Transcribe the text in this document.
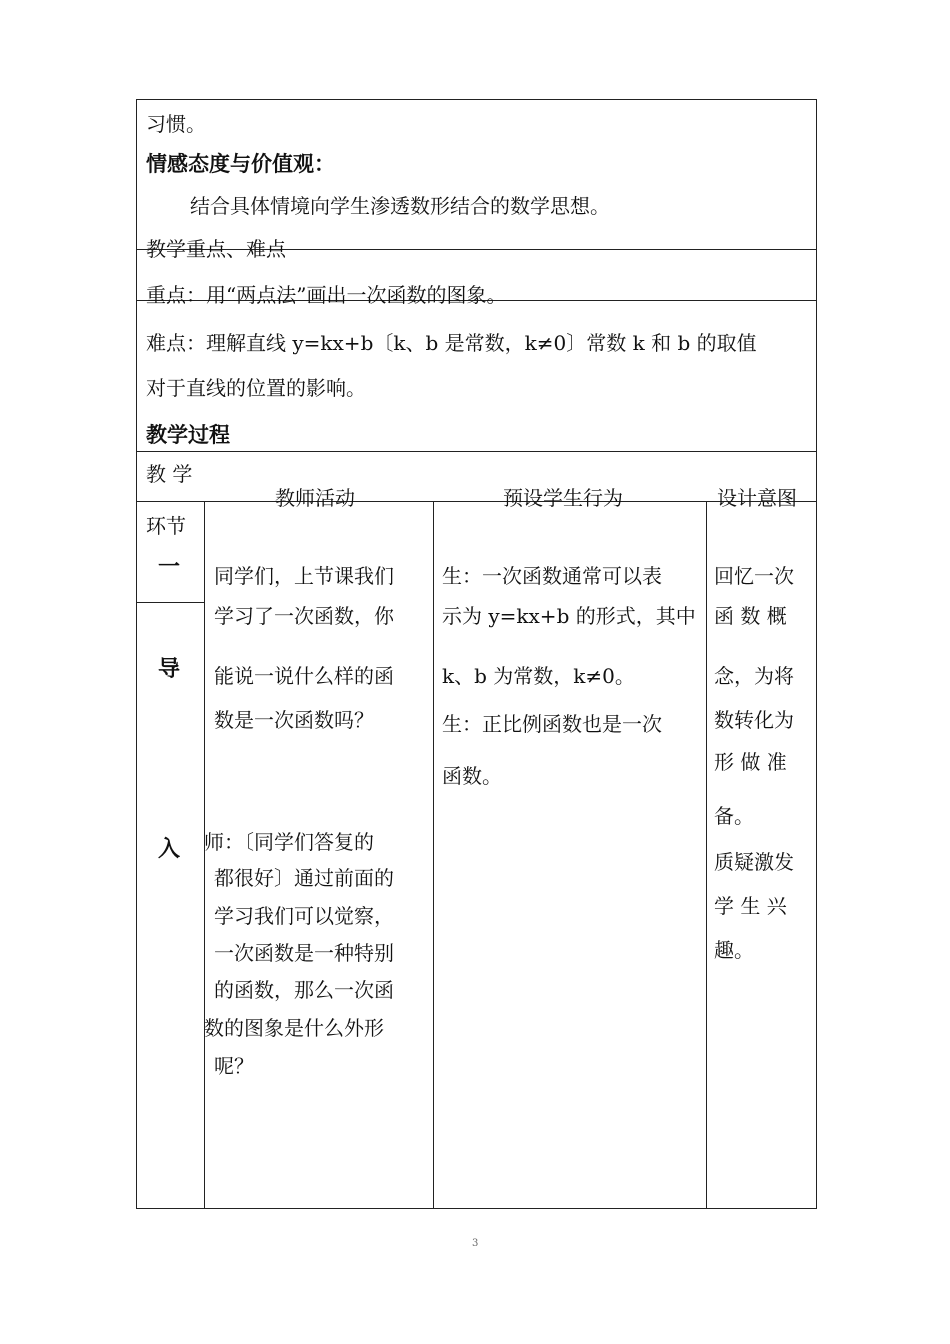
习惯。
情感态度与价值观：
结合具体情境向学生渗透数形结合的数学思想。
教学重点、难点
重点：用“两点法”画出一次函数的图象。
难点：理解直线 y=kx+b〔k、b 是常数，k≠0〕常数 k 和 b 的取值
对于直线的位置的影响。
教学过程
教 学
教师活动	预设学生行为	设计意图
环节
一
导
入
同学们，上节课我们
学习了一次函数，你
能说一说什么样的函
数是一次函数吗？
师：〔同学们答复的
都很好〕通过前面的
学习我们可以觉察，
一次函数是一种特别
的函数，那么一次函
数的图象是什么外形
呢？
生：一次函数通常可以表
示为 y=kx+b 的形式，其中
k、b 为常数，k≠0。
生：正比例函数也是一次
函数。
回忆一次
函 数 概
念，为将
数转化为
形 做 准
备。
质疑激发
学 生 兴
趣。
3
